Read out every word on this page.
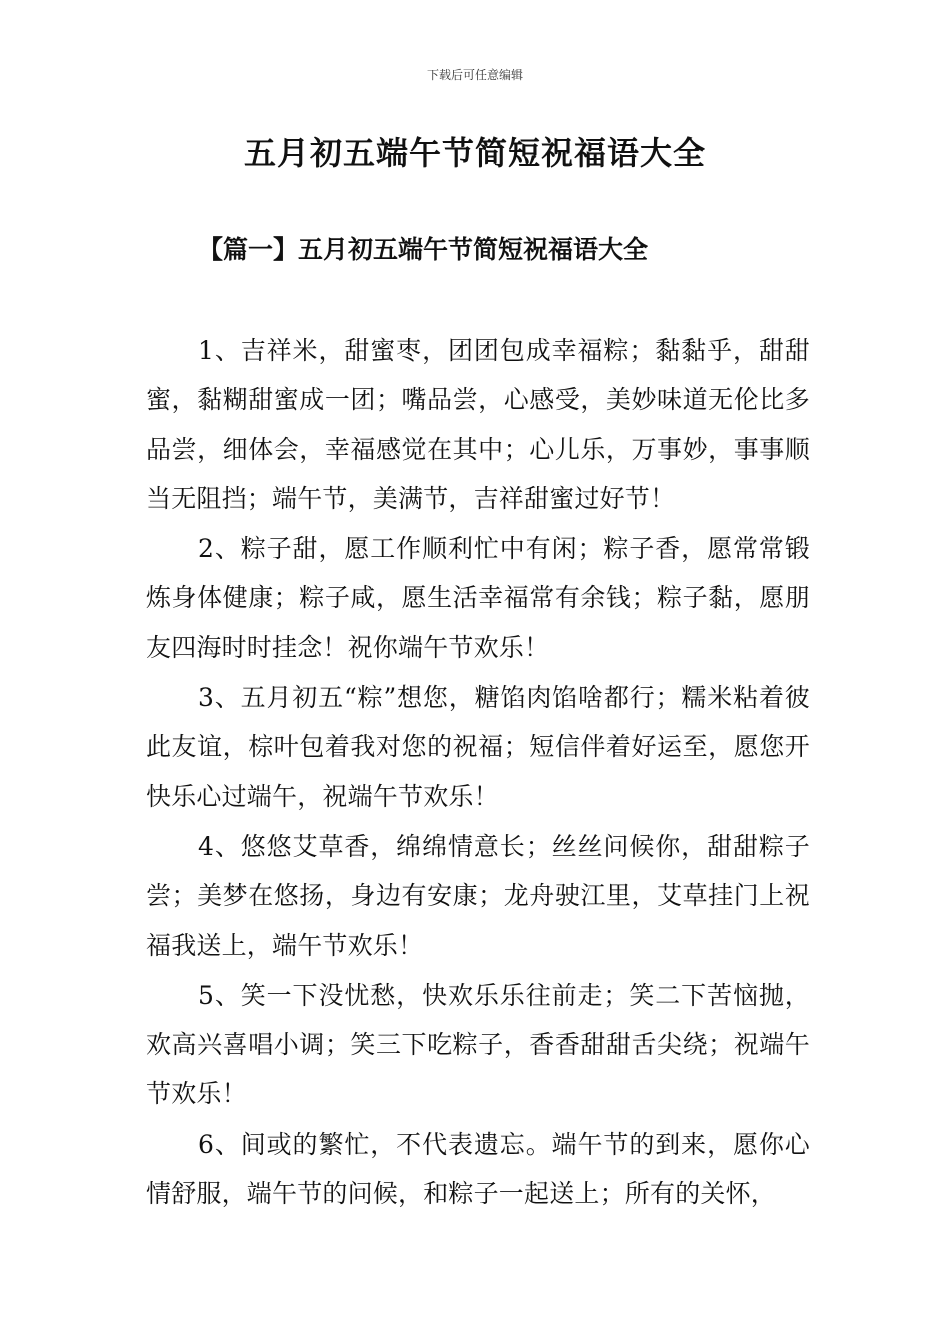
下载后可任意编辑
五月初五端午节简短祝福语大全
【篇一】五月初五端午节简短祝福语大全

1、吉祥米，甜蜜枣，团团包成幸福粽；黏黏乎，甜甜蜜，黏糊甜蜜成一团；嘴品尝，心感受，美妙味道无伦比多品尝，细体会，幸福感觉在其中；心儿乐，万事妙，事事顺当无阻挡；端午节，美满节，吉祥甜蜜过好节！

2、粽子甜，愿工作顺利忙中有闲；粽子香，愿常常锻炼身体健康；粽子咸，愿生活幸福常有余钱；粽子黏，愿朋友四海时时挂念！祝你端午节欢乐！

3、五月初五“粽”想您，糖馅肉馅啥都行；糯米粘着彼此友谊，棕叶包着我对您的祝福；短信伴着好运至，愿您开快乐心过端午，祝端午节欢乐！

4、悠悠艾草香，绵绵情意长；丝丝问候你，甜甜粽子尝；美梦在悠扬，身边有安康；龙舟驶江里，艾草挂门上祝福我送上，端午节欢乐！

5、笑一下没忧愁，快欢乐乐往前走；笑二下苦恼抛，欢高兴喜唱小调；笑三下吃粽子，香香甜甜舌尖绕；祝端午节欢乐！

6、间或的繁忙，不代表遗忘。端午节的到来，愿你心情舒服，端午节的问候，和粽子一起送上；所有的关怀，
